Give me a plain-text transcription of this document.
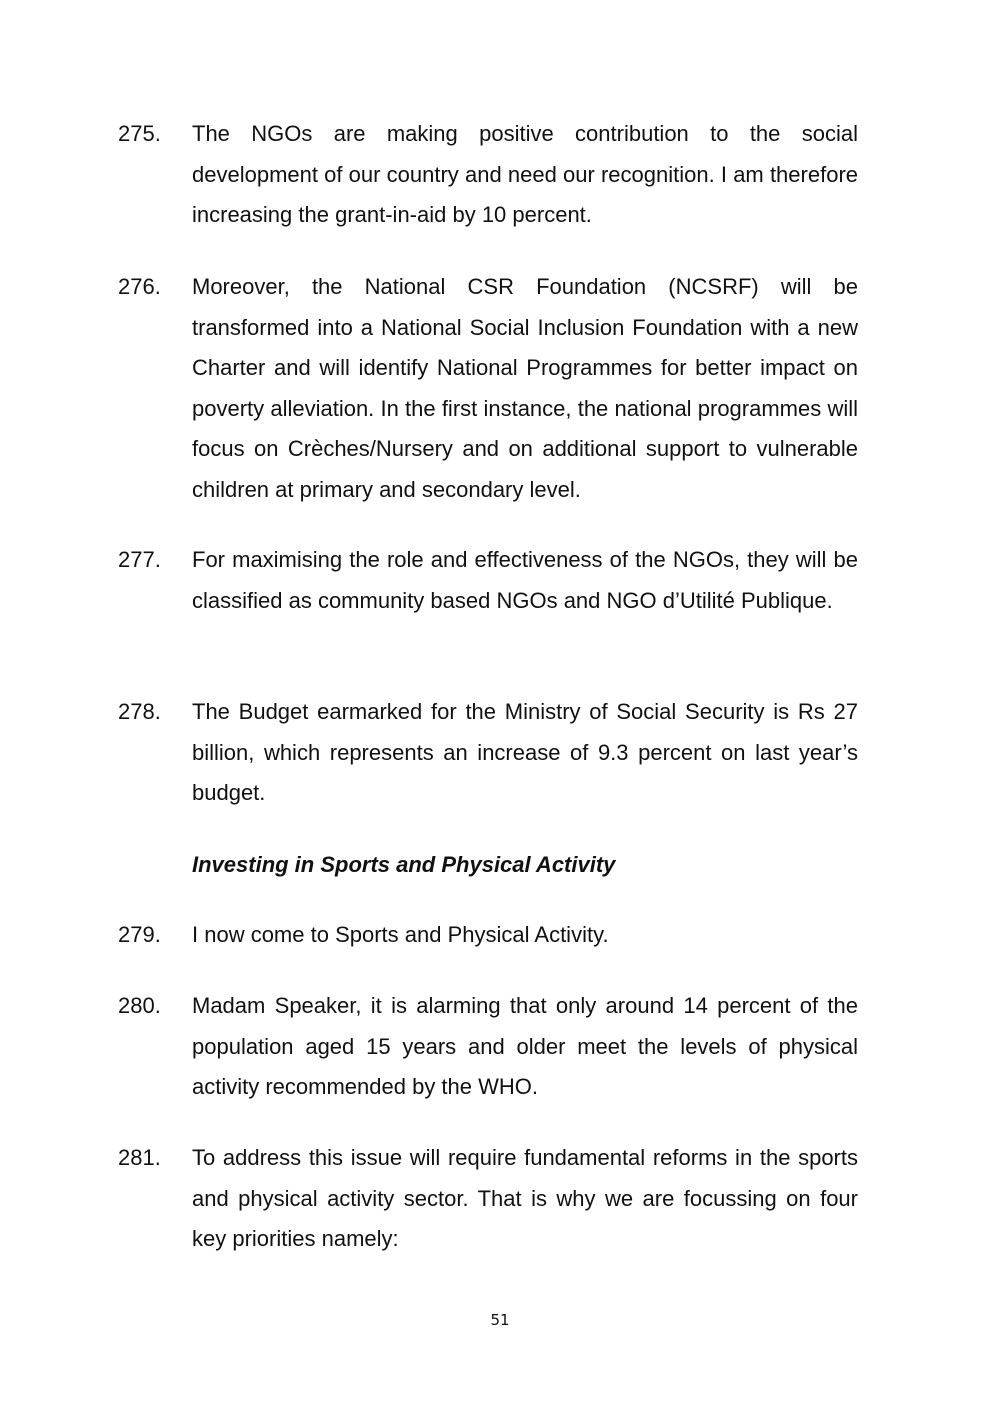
275.	The NGOs are making positive contribution to the social development of our country and need our recognition. I am therefore increasing the grant-in-aid by 10 percent.
276.	Moreover, the National CSR Foundation (NCSRF) will be transformed into a National Social Inclusion Foundation with a new Charter and will identify National Programmes for better impact on poverty alleviation. In the first instance, the national programmes will focus on Crèches/Nursery and on additional support to vulnerable children at primary and secondary level.
277.	For maximising the role and effectiveness of the NGOs, they will be classified as community based NGOs and NGO d’Utilité Publique.
278.	The Budget earmarked for the Ministry of Social Security is Rs 27 billion, which represents an increase of 9.3 percent on last year’s budget.
Investing in Sports and Physical Activity
279.	I now come to Sports and Physical Activity.
280.	Madam Speaker, it is alarming that only around 14 percent of the population aged 15 years and older meet the levels of physical activity recommended by the WHO.
281.	To address this issue will require fundamental reforms in the sports and physical activity sector. That is why we are focussing on four key priorities namely:
51
